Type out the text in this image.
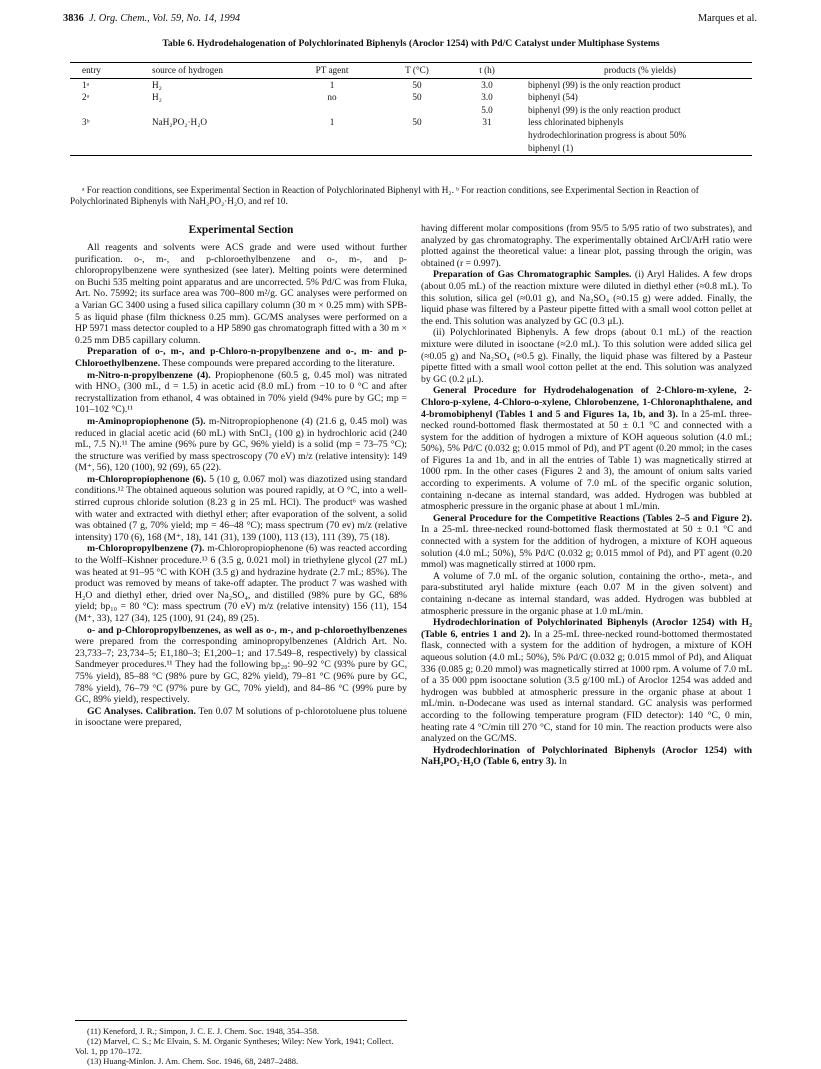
3836 J. Org. Chem., Vol. 59, No. 14, 1994	Marques et al.
Table 6. Hydrodehalogenation of Polychlorinated Biphenyls (Aroclor 1254) with Pd/C Catalyst under Multiphase Systems
entry	source of hydrogen	PT agent	T (°C)	t (h)	products (% yields)
1ᵃ	H₂	1	50	3.0	biphenyl (99) is the only reaction product
2ᵃ	H₂	no	50	3.0	biphenyl (54)
				5.0	biphenyl (99) is the only reaction product
3ᵇ	NaH₂PO₂·H₂O	1	50	31	less chlorinated biphenyls
					hydrodechlorination progress is about 50%
					biphenyl (1)
ᵃ For reaction conditions, see Experimental Section in Reaction of Polychlorinated Biphenyl with H₂. ᵇ For reaction conditions, see Experimental Section in Reaction of Polychlorinated Biphenyls with NaH₂PO₂·H₂O, and ref 10.

Experimental Section

All reagents and solvents were ACS grade and were used without further purification. o-, m-, and p-chloroethylbenzene and o-, m-, and p-chloropropylbenzene were synthesized (see later). Melting points were determined on Buchi 535 melting point apparatus and are uncorrected. 5% Pd/C was from Fluka, Art. No. 75992; its surface area was 700–800 m²/g. GC analyses were performed on a Varian GC 3400 using a fused silica capillary column (30 m × 0.25 mm) with SPB-5 as liquid phase (film thickness 0.25 mm). GC/MS analyses were performed on a HP 5971 mass detector coupled to a HP 5890 gas chromatograph fitted with a 30 m × 0.25 mm DB5 capillary column.

Preparation of o-, m-, and p-Chloro-n-propylbenzene and o-, m- and p-Chloroethylbenzene. These compounds were prepared according to the literature.

m-Nitro-n-propylbenzene (4). Propiophenone (60.5 g, 0.45 mol) was nitrated with HNO₃ (300 mL, d = 1.5) in acetic acid (8.0 mL) from −10 to 0 °C and after recrystallization from ethanol, 4 was obtained in 70% yield (94% pure by GC; mp = 101–102 °C).¹¹

m-Aminopropiophenone (5). m-Nitropropiophenone (4) (21.6 g, 0.45 mol) was reduced in glacial acetic acid (60 mL) with SnCl₂ (100 g) in hydrochloric acid (240 mL, 7.5 N).¹¹ The amine (96% pure by GC, 96% yield) is a solid (mp = 73–75 °C); the structure was verified by mass spectroscopy (70 eV) m/z (relative intensity): 149 (M⁺, 56), 120 (100), 92 (69), 65 (22).

m-Chloropropiophenone (6). 5 (10 g, 0.067 mol) was diazotized using standard conditions.¹² The obtained aqueous solution was poured rapidly, at O °C, into a well-stirred cuprous chloride solution (8.23 g in 25 mL HCl). The product⁶ was washed with water and extracted with diethyl ether; after evaporation of the solvent, a solid was obtained (7 g, 70% yield; mp = 46–48 °C); mass spectrum (70 ev) m/z (relative intensity) 170 (6), 168 (M⁺, 18), 141 (31), 139 (100), 113 (13), 111 (39), 75 (18).

m-Chloropropylbenzene (7). m-Chloropropiophenone (6) was reacted according to the Wolff–Kishner procedure.¹³ 6 (3.5 g, 0.021 mol) in triethylene glycol (27 mL) was heated at 91–95 °C with KOH (3.5 g) and hydrazine hydrate (2.7 mL; 85%). The product was removed by means of take-off adapter. The product 7 was washed with H₂O and diethyl ether, dried over Na₂SO₄, and distilled (98% pure by GC, 68% yield; bp₁₀ = 80 °C): mass spectrum (70 eV) m/z (relative intensity) 156 (11), 154 (M⁺, 33), 127 (34), 125 (100), 91 (24), 89 (25).

o- and p-Chloropropylbenzenes, as well as o-, m-, and p-chloroethylbenzenes were prepared from the corresponding aminopropylbenzenes (Aldrich Art. No. 23,733–7; 23,734–5; E1,180–3; E1,200–1; and 17.549–8, respectively) by classical Sandmeyer procedures.¹¹ They had the following bp₂₀: 90–92 °C (93% pure by GC, 75% yield), 85–88 °C (98% pure by GC, 82% yield), 79–81 °C (96% pure by GC, 78% yield), 76–79 °C (97% pure by GC, 70% yield), and 84–86 °C (99% pure by GC, 89% yield), respectively.

GC Analyses. Calibration. Ten 0.07 M solutions of p-chlorotoluene plus toluene in isooctane were prepared,

(11) Keneford, J. R.; Simpon, J. C. E. J. Chem. Soc. 1948, 354–358.

(12) Marvel, C. S.; Mc Elvain, S. M. Organic Syntheses; Wiley: New York, 1941; Collect. Vol. 1, pp 170–172.

(13) Huang-Minlon. J. Am. Chem. Soc. 1946, 68, 2487–2488.

having different molar compositions (from 95/5 to 5/95 ratio of two substrates), and analyzed by gas chromatography. The experimentally obtained ArCl/ArH ratio were plotted against the theoretical value: a linear plot, passing through the origin, was obtained (r = 0.997).

Preparation of Gas Chromatographic Samples. (i) Aryl Halides. A few drops (about 0.05 mL) of the reaction mixture were diluted in diethyl ether (≈0.8 mL). To this solution, silica gel (≈0.01 g), and Na₂SO₄ (≈0.15 g) were added. Finally, the liquid phase was filtered by a Pasteur pipette fitted with a small wool cotton pellet at the end. This solution was analyzed by GC (0.3 μL).

(ii) Polychlorinated Biphenyls. A few drops (about 0.1 mL) of the reaction mixture were diluted in isooctane (≈2.0 mL). To this solution were added silica gel (≈0.05 g) and Na₂SO₄ (≈0.5 g). Finally, the liquid phase was filtered by a Pasteur pipette fitted with a small wool cotton pellet at the end. This solution was analyzed by GC (0.2 μL).

General Procedure for Hydrodehalogenation of 2-Chloro-m-xylene, 2-Chloro-p-xylene, 4-Chloro-o-xylene, Chlorobenzene, 1-Chloronaphthalene, and 4-bromobiphenyl (Tables 1 and 5 and Figures 1a, 1b, and 3). In a 25-mL three-necked round-bottomed flask thermostated at 50 ± 0.1 °C and connected with a system for the addition of hydrogen a mixture of KOH aqueous solution (4.0 mL; 50%), 5% Pd/C (0.032 g; 0.015 mmol of Pd), and PT agent (0.20 mmol; in the cases of Figures 1a and 1b, and in all the entries of Table 1) was magnetically stirred at 1000 rpm. In the other cases (Figures 2 and 3), the amount of onium salts varied according to experiments. A volume of 7.0 mL of the specific organic solution, containing n-decane as internal standard, was added. Hydrogen was bubbled at atmospheric pressure in the organic phase at about 1 mL/min.

General Procedure for the Competitive Reactions (Tables 2–5 and Figure 2). In a 25-mL three-necked round-bottomed flask thermostated at 50 ± 0.1 °C and connected with a system for the addition of hydrogen, a mixture of KOH aqueous solution (4.0 mL; 50%), 5% Pd/C (0.032 g; 0.015 mmol of Pd), and PT agent (0.20 mmol) was magnetically stirred at 1000 rpm.

A volume of 7.0 mL of the organic solution, containing the ortho-, meta-, and para-substituted aryl halide mixture (each 0.07 M in the given solvent) and containing n-decane as internal standard, was added. Hydrogen was bubbled at atmospheric pressure in the organic phase at 1.0 mL/min.

Hydrodechlorination of Polychlorinated Biphenyls (Aroclor 1254) with H₂ (Table 6, entries 1 and 2). In a 25-mL three-necked round-bottomed thermostated flask, connected with a system for the addition of hydrogen, a mixture of KOH aqueous solution (4.0 mL; 50%), 5% Pd/C (0.032 g; 0.015 mmol of Pd), and Aliquat 336 (0.085 g; 0.20 mmol) was magnetically stirred at 1000 rpm. A volume of 7.0 mL of a 35 000 ppm isooctane solution (3.5 g/100 mL) of Aroclor 1254 was added and hydrogen was bubbled at atmospheric pressure in the organic phase at about 1 mL/min. n-Dodecane was used as internal standard. GC analysis was performed according to the following temperature program (FID detector): 140 °C, 0 min, heating rate 4 °C/min till 270 °C, stand for 10 min. The reaction products were also analyzed on the GC/MS.

Hydrodechlorination of Polychlorinated Biphenyls (Aroclor 1254) with NaH₂PO₂·H₂O (Table 6, entry 3). In
